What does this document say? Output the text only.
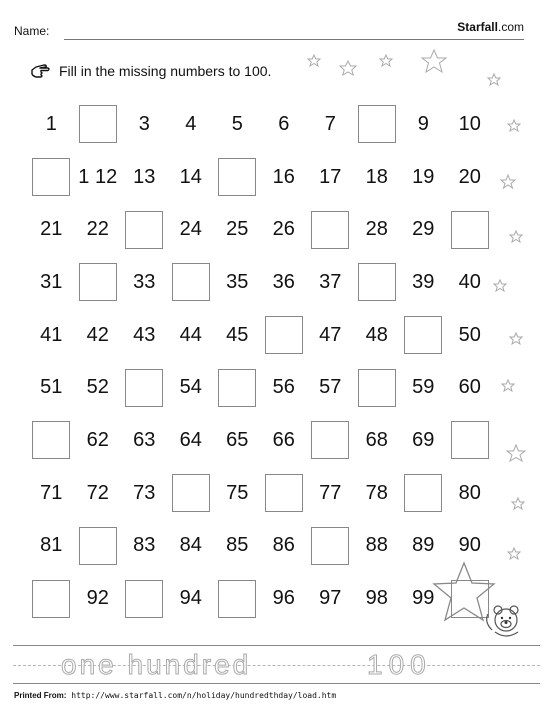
Name:	Starfall.com
Fill in the missing numbers to 100.
1	3 4 5 6 7	9 10
1 12 13 14	16 17 18 19 20
21 22	24 25 26	28 29
31	33	35 36 37	39 40
41 42 43 44 45	47 48	50
51 52	54	56 57	59 60
62 63 64 65 66	68 69
71 72 73	75	77 78	80
81	83 84 85 86	88 89 90
92	94	96 97 98 99
one hundred	100
Printed From: http://www.starfall.com/n/holiday/hundredthday/load.htm
